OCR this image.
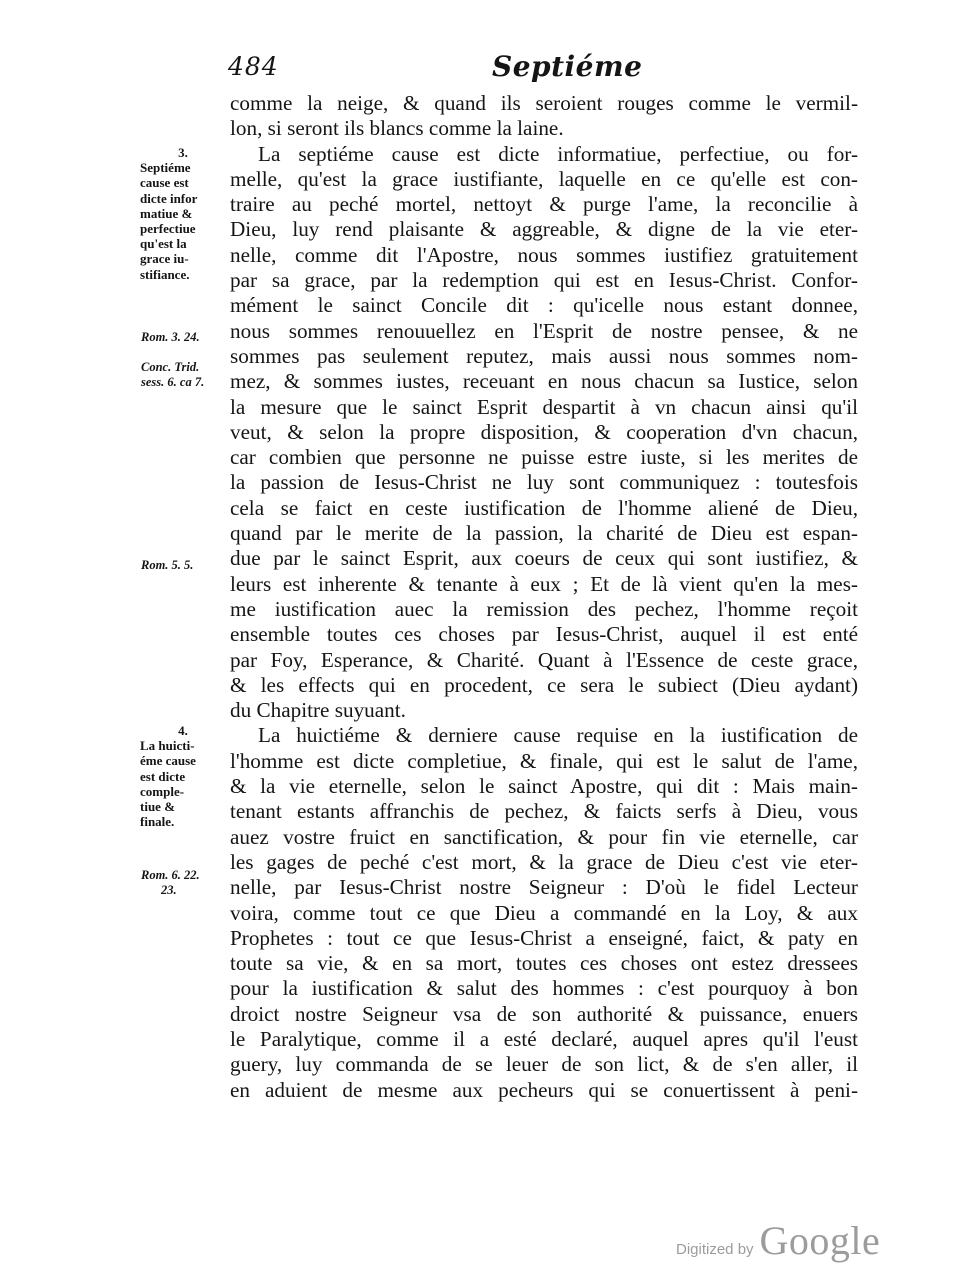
484	Septiéme
3.
Septiéme
cause est
dicte infor
matiue &
perfectiue
qu'est la
grace iu-
stifiance.
Rom. 3. 24.
Conc. Trid.
sess. 6. ca 7.
Rom. 5. 5.
4.
La huicti-
éme cause
est dicte
comple-
tiue &
finale.
Rom. 6. 22.
23.
comme la neige, & quand ils seroient rouges comme le vermil-
lon, si seront ils blancs comme la laine.
La septiéme cause est dicte informatiue, perfectiue, ou for-
melle, qu'est la grace iustifiante, laquelle en ce qu'elle est con-
traire au peché mortel, nettoyt & purge l'ame, la reconcilie à
Dieu, luy rend plaisante & aggreable, & digne de la vie eter-
nelle, comme dit l'Apostre, nous sommes iustifiez gratuitement
par sa grace, par la redemption qui est en Iesus-Christ. Confor-
mément le sainct Concile dit : qu'icelle nous estant donnee,
nous sommes renouuellez en l'Esprit de nostre pensee, & ne
sommes pas seulement reputez, mais aussi nous sommes nom-
mez, & sommes iustes, receuant en nous chacun sa Iustice, selon
la mesure que le sainct Esprit despartit à vn chacun ainsi qu'il
veut, & selon la propre disposition, & cooperation d'vn chacun,
car combien que personne ne puisse estre iuste, si les merites de
la passion de Iesus-Christ ne luy sont communiquez : toutesfois
cela se faict en ceste iustification de l'homme aliené de Dieu,
quand par le merite de la passion, la charité de Dieu est espan-
due par le sainct Esprit, aux coeurs de ceux qui sont iustifiez, &
leurs est inherente & tenante à eux ; Et de là vient qu'en la mes-
me iustification auec la remission des pechez, l'homme reçoit
ensemble toutes ces choses par Iesus-Christ, auquel il est enté
par Foy, Esperance, & Charité. Quant à l'Essence de ceste grace,
& les effects qui en procedent, ce sera le subiect (Dieu aydant)
du Chapitre suyuant.
La huictiéme & derniere cause requise en la iustification de
l'homme est dicte completiue, & finale, qui est le salut de l'ame,
& la vie eternelle, selon le sainct Apostre, qui dit : Mais main-
tenant estants affranchis de pechez, & faicts serfs à Dieu, vous
auez vostre fruict en sanctification, & pour fin vie eternelle, car
les gages de peché c'est mort, & la grace de Dieu c'est vie eter-
nelle, par Iesus-Christ nostre Seigneur : D'où le fidel Lecteur
voira, comme tout ce que Dieu a commandé en la Loy, & aux
Prophetes : tout ce que Iesus-Christ a enseigné, faict, & paty en
toute sa vie, & en sa mort, toutes ces choses ont estez dressees
pour la iustification & salut des hommes : c'est pourquoy à bon
droict nostre Seigneur vsa de son authorité & puissance, enuers
le Paralytique, comme il a esté declaré, auquel apres qu'il l'eust
guery, luy commanda de se leuer de son lict, & de s'en aller, il
en aduient de mesme aux pecheurs qui se conuertissent à peni-
Digitized by Google
